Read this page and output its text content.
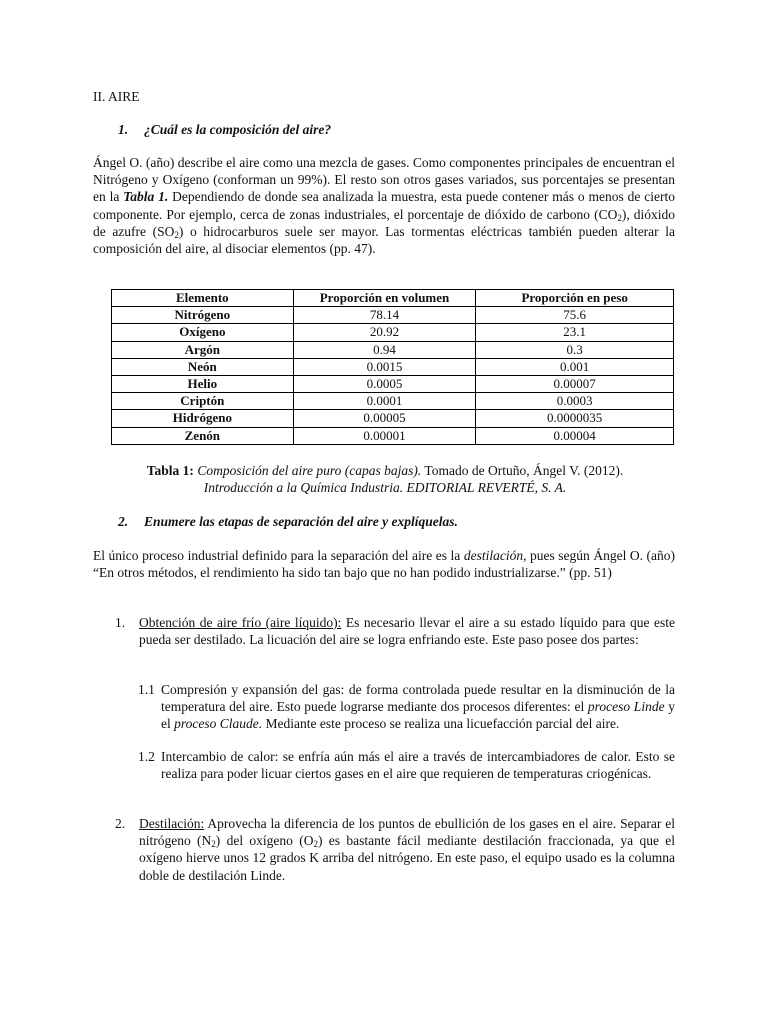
II. AIRE
1. ¿Cuál es la composición del aire?
Ángel O. (año) describe el aire como una mezcla de gases. Como componentes principales de encuentran el Nitrógeno y Oxígeno (conforman un 99%). El resto son otros gases variados, sus porcentajes se presentan en la Tabla 1. Dependiendo de donde sea analizada la muestra, esta puede contener más o menos de cierto componente. Por ejemplo, cerca de zonas industriales, el porcentaje de dióxido de carbono $(CO_2)$, dióxido de azufre $(SO_2)$ o hidrocarburos suele ser mayor. Las tormentas eléctricas también pueden alterar la composición del aire, al disociar elementos (pp. 47).
Elemento	Proporción en volumen	Proporción en peso
Nitrógeno	78.14	75.6
Oxígeno	20.92	23.1
Argón	0.94	0.3
Neón	0.0015	0.001
Helio	0.0005	0.00007
Criptón	0.0001	0.0003
Hidrógeno	0.00005	0.0000035
Zenón	0.00001	0.00004
Tabla 1: Composición del aire puro (capas bajas). Tomado de Ortuño, Ángel V. (2012).
Introducción a la Química Industria. EDITORIAL REVERTÉ, S. A.
2. Enumere las etapas de separación del aire y explíquelas.
El único proceso industrial definido para la separación del aire es la destilación, pues según Ángel O. (año) “En otros métodos, el rendimiento ha sido tan bajo que no han podido industrializarse.” (pp. 51)
1. Obtención de aire frío (aire líquido): Es necesario llevar el aire a su estado líquido para que este pueda ser destilado. La licuación del aire se logra enfriando este. Este paso posee dos partes:
1.1 Compresión y expansión del gas: de forma controlada puede resultar en la disminución de la temperatura del aire. Esto puede lograrse mediante dos procesos diferentes: el proceso Linde y el proceso Claude. Mediante este proceso se realiza una licuefacción parcial del aire.
1.2 Intercambio de calor: se enfría aún más el aire a través de intercambiadores de calor. Esto se realiza para poder licuar ciertos gases en el aire que requieren de temperaturas criogénicas.
2. Destilación: Aprovecha la diferencia de los puntos de ebullición de los gases en el aire. Separar el nitrógeno $(N_2)$ del oxígeno $(O_2)$ es bastante fácil mediante destilación fraccionada, ya que el oxígeno hierve unos 12 grados K arriba del nitrógeno. En este paso, el equipo usado es la columna doble de destilación Linde.
